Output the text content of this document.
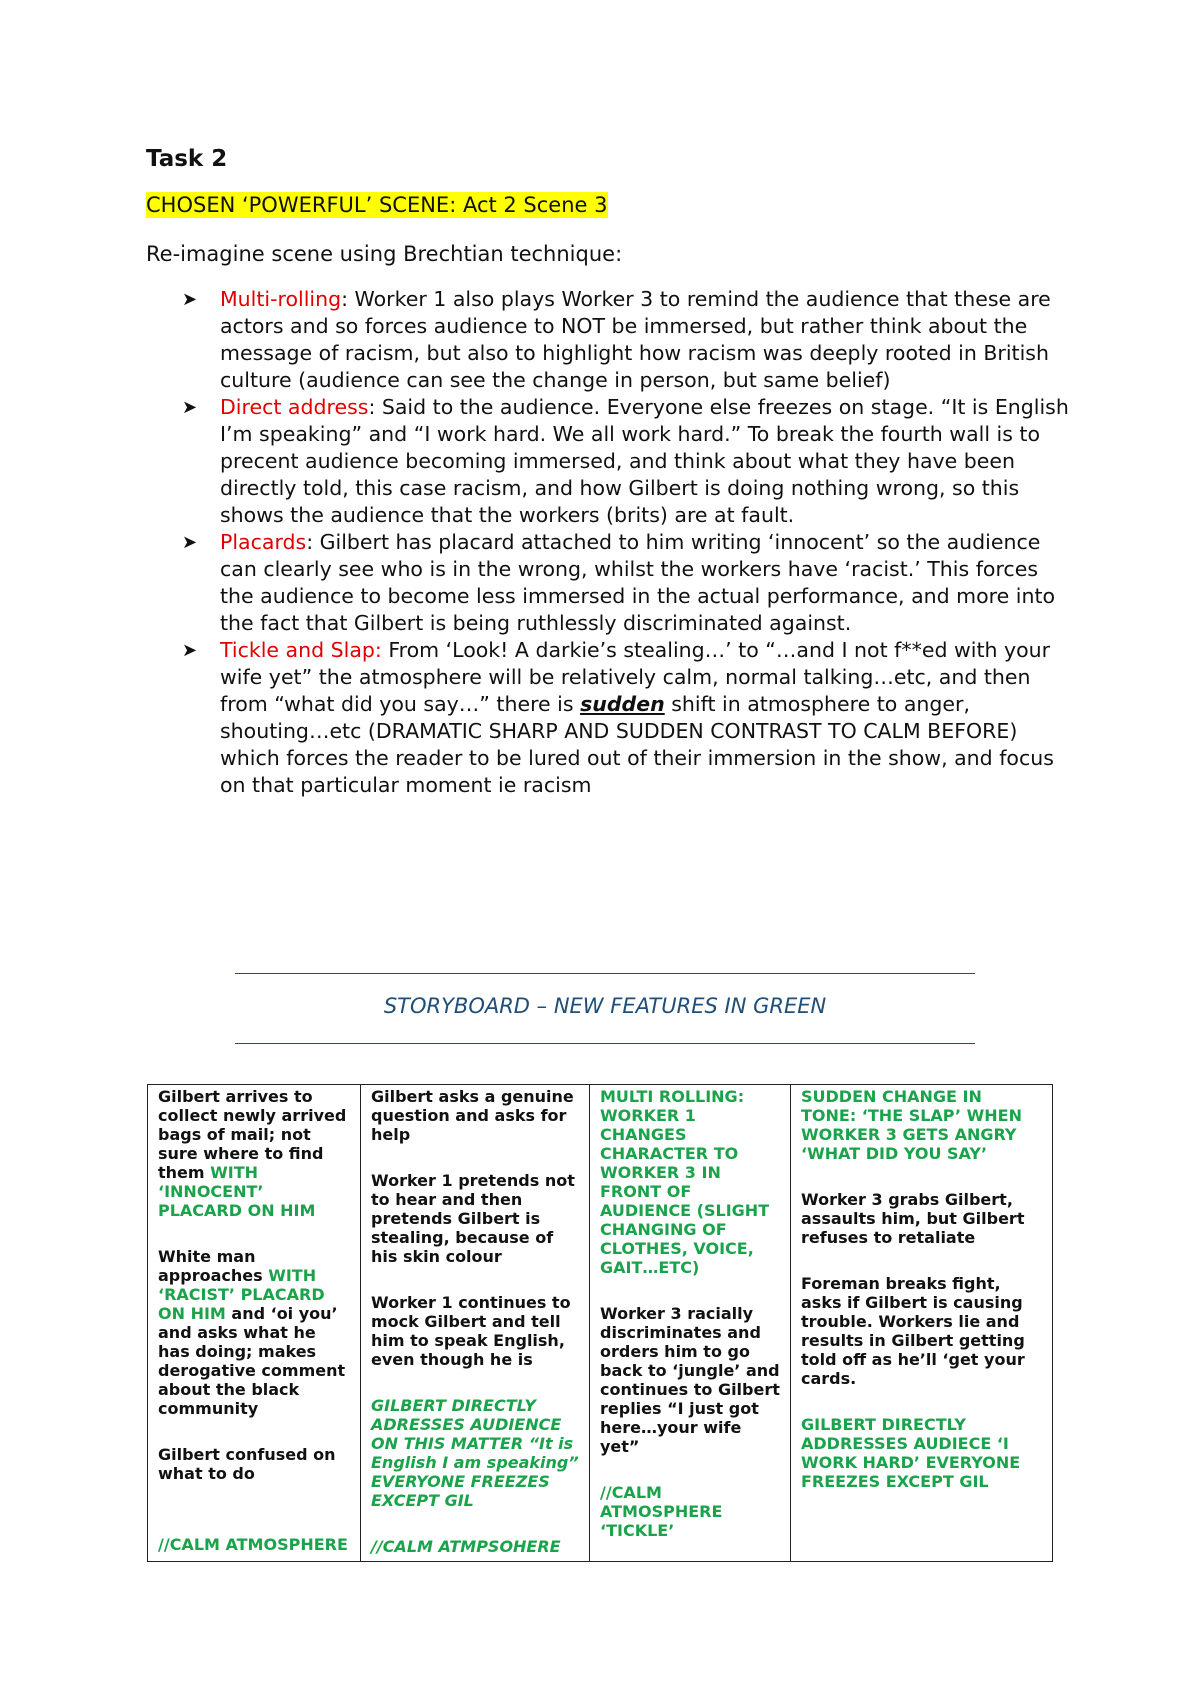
Task 2
CHOSEN ‘POWERFUL’ SCENE: Act 2 Scene 3
Re-imagine scene using Brechtian technique:
➤ Multi-rolling: Worker 1 also plays Worker 3 to remind the audience that these are actors and so forces audience to NOT be immersed, but rather think about the message of racism, but also to highlight how racism was deeply rooted in British culture (audience can see the change in person, but same belief)
➤ Direct address: Said to the audience. Everyone else freezes on stage. “It is English I’m speaking” and “I work hard. We all work hard.” To break the fourth wall is to precent audience becoming immersed, and think about what they have been directly told, this case racism, and how Gilbert is doing nothing wrong, so this shows the audience that the workers (brits) are at fault.
➤ Placards: Gilbert has placard attached to him writing ‘innocent’ so the audience can clearly see who is in the wrong, whilst the workers have ‘racist.’ This forces the audience to become less immersed in the actual performance, and more into the fact that Gilbert is being ruthlessly discriminated against.
➤ Tickle and Slap: From ‘Look! A darkie’s stealing…’ to “…and I not f**ed with your wife yet” the atmosphere will be relatively calm, normal talking…etc, and then from “what did you say…” there is sudden shift in atmosphere to anger, shouting…etc (DRAMATIC SHARP AND SUDDEN CONTRAST TO CALM BEFORE) which forces the reader to be lured out of their immersion in the show, and focus on that particular moment ie racism
STORYBOARD – NEW FEATURES IN GREEN
Gilbert arrives to collect newly arrived bags of mail; not sure where to find them WITH ‘INNOCENT’ PLACARD ON HIM
White man approaches WITH ‘RACIST’ PLACARD ON HIM and ‘oi you’ and asks what he has doing; makes derogative comment about the black community
Gilbert confused on what to do
//CALM ATMOSPHERE

Gilbert asks a genuine question and asks for help
Worker 1 pretends not to hear and then pretends Gilbert is stealing, because of his skin colour
Worker 1 continues to mock Gilbert and tell him to speak English, even though he is
GILBERT DIRECTLY ADRESSES AUDIENCE ON THIS MATTER “It is English I am speaking” EVERYONE FREEZES EXCEPT GIL
//CALM ATMPSOHERE

MULTI ROLLING: WORKER 1 CHANGES CHARACTER TO WORKER 3 IN FRONT OF AUDIENCE (SLIGHT CHANGING OF CLOTHES, VOICE, GAIT…ETC)
Worker 3 racially discriminates and orders him to go back to ‘jungle’ and continues to Gilbert replies “I just got here…your wife yet”
//CALM ATMOSPHERE ‘TICKLE’

SUDDEN CHANGE IN TONE: ‘THE SLAP’ WHEN WORKER 3 GETS ANGRY ‘WHAT DID YOU SAY’
Worker 3 grabs Gilbert, assaults him, but Gilbert refuses to retaliate
Foreman breaks fight, asks if Gilbert is causing trouble. Workers lie and results in Gilbert getting told off as he’ll ‘get your cards.
GILBERT DIRECTLY ADDRESSES AUDIECE ‘I WORK HARD’ EVERYONE FREEZES EXCEPT GIL
